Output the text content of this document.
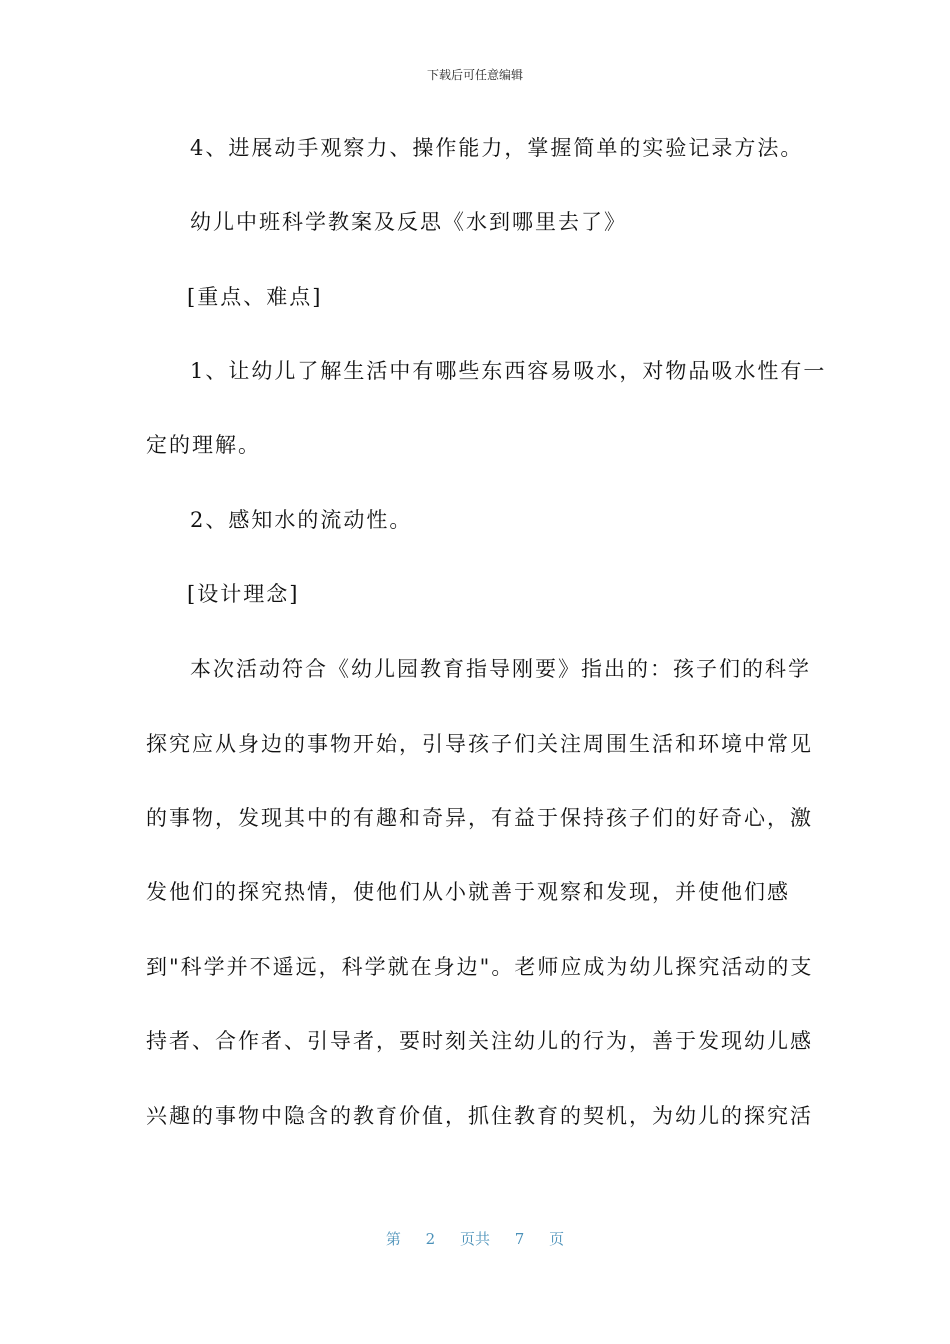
下载后可任意编辑
4、进展动手观察力、操作能力，掌握简单的实验记录方法。
幼儿中班科学教案及反思《水到哪里去了》
[重点、难点]
1、让幼儿了解生活中有哪些东西容易吸水，对物品吸水性有一
定的理解。
2、感知水的流动性。
[设计理念]
本次活动符合《幼儿园教育指导刚要》指出的：孩子们的科学
探究应从身边的事物开始，引导孩子们关注周围生活和环境中常见
的事物，发现其中的有趣和奇异，有益于保持孩子们的好奇心，激
发他们的探究热情，使他们从小就善于观察和发现，并使他们感
到"科学并不遥远，科学就在身边"。老师应成为幼儿探究活动的支
持者、合作者、引导者，要时刻关注幼儿的行为，善于发现幼儿感
兴趣的事物中隐含的教育价值，抓住教育的契机，为幼儿的探究活
第 2 页共 7 页
